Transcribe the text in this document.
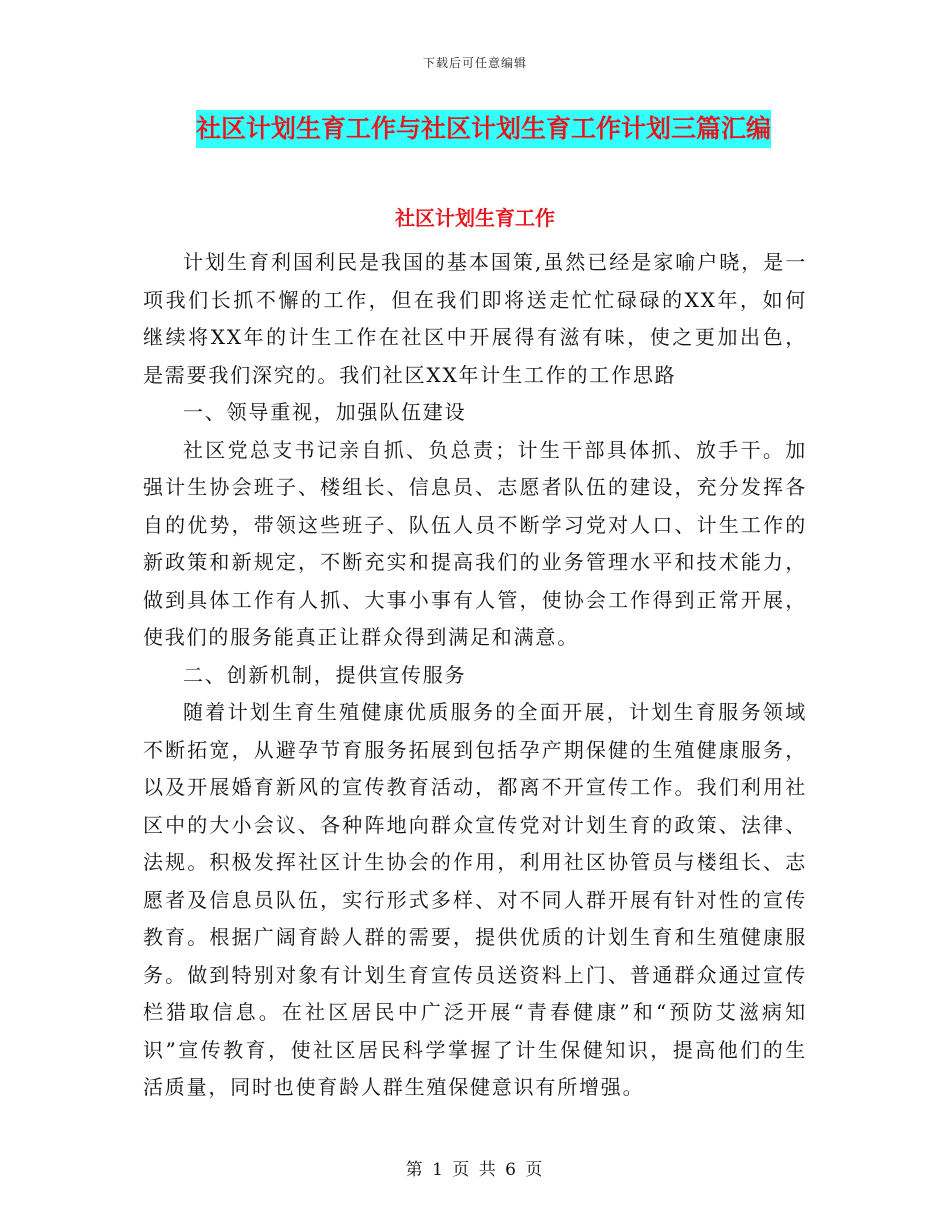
下载后可任意编辑
社区计划生育工作与社区计划生育工作计划三篇汇编
社区计划生育工作

计划生育利国利民是我国的基本国策,虽然已经是家喻户晓，是一项我们长抓不懈的工作，但在我们即将送走忙忙碌碌的XX年，如何继续将XX年的计生工作在社区中开展得有滋有味，使之更加出色，是需要我们深究的。我们社区XX年计生工作的工作思路

一、领导重视，加强队伍建设

社区党总支书记亲自抓、负总责；计生干部具体抓、放手干。加强计生协会班子、楼组长、信息员、志愿者队伍的建设，充分发挥各自的优势，带领这些班子、队伍人员不断学习党对人口、计生工作的新政策和新规定，不断充实和提高我们的业务管理水平和技术能力，做到具体工作有人抓、大事小事有人管，使协会工作得到正常开展，使我们的服务能真正让群众得到满足和满意。

二、创新机制，提供宣传服务

随着计划生育生殖健康优质服务的全面开展，计划生育服务领域不断拓宽，从避孕节育服务拓展到包括孕产期保健的生殖健康服务，以及开展婚育新风的宣传教育活动，都离不开宣传工作。我们利用社区中的大小会议、各种阵地向群众宣传党对计划生育的政策、法律、法规。积极发挥社区计生协会的作用，利用社区协管员与楼组长、志愿者及信息员队伍，实行形式多样、对不同人群开展有针对性的宣传教育。根据广阔育龄人群的需要，提供优质的计划生育和生殖健康服务。做到特别对象有计划生育宣传员送资料上门、普通群众通过宣传栏猎取信息。在社区居民中广泛开展“青春健康”和“预防艾滋病知识”宣传教育，使社区居民科学掌握了计生保健知识，提高他们的生活质量，同时也使育龄人群生殖保健意识有所增强。

第 1 页 共 6 页
